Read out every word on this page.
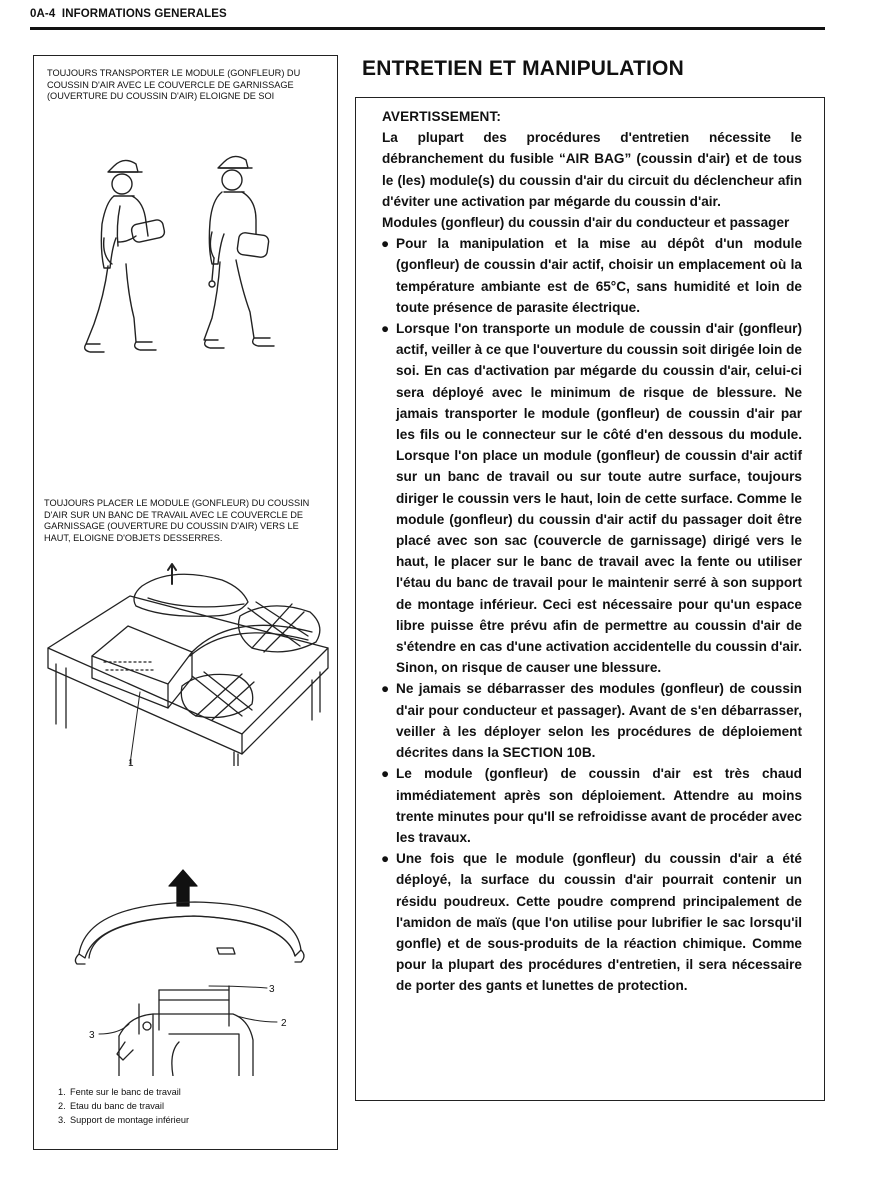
0A-4 INFORMATIONS GENERALES
TOUJOURS TRANSPORTER LE MODULE (GONFLEUR) DU COUSSIN D'AIR AVEC LE COUVERCLE DE GARNISSAGE (OUVERTURE DU COUSSIN D'AIR) ELOIGNE DE SOI
TOUJOURS PLACER LE MODULE (GONFLEUR) DU COUSSIN D'AIR SUR UN BANC DE TRAVAIL AVEC LE COUVERCLE DE GARNISSAGE (OUVERTURE DU COUSSIN D'AIR) VERS LE HAUT, ELOIGNE D'OBJETS DESSERRES.
1
3
2
3
1. Fente sur le banc de travail
2. Etau du banc de travail
3. Support de montage inférieur
ENTRETIEN ET MANIPULATION

AVERTISSEMENT:

La plupart des procédures d'entretien nécessite le débranchement du fusible “AIR BAG” (coussin d'air) et de tous le (les) module(s) du coussin d'air du circuit du déclencheur afin d'éviter une activation par mégarde du coussin d'air.

Modules (gonfleur) du coussin d'air du conducteur et passager

● Pour la manipulation et la mise au dépôt d'un module (gonfleur) de coussin d'air actif, choisir un emplacement où la température ambiante est de 65°C, sans humidité et loin de toute présence de parasite électrique.
● Lorsque l'on transporte un module de coussin d'air (gonfleur) actif, veiller à ce que l'ouverture du coussin soit dirigée loin de soi. En cas d'activation par mégarde du coussin d'air, celui-ci sera déployé avec le minimum de risque de blessure. Ne jamais transporter le module (gonfleur) de coussin d'air par les fils ou le connecteur sur le côté d'en dessous du module. Lorsque l'on place un module (gonfleur) de coussin d'air actif sur un banc de travail ou sur toute autre surface, toujours diriger le coussin vers le haut, loin de cette surface. Comme le module (gonfleur) du coussin d'air actif du passager doit être placé avec son sac (couvercle de garnissage) dirigé vers le haut, le placer sur le banc de travail avec la fente ou utiliser l'étau du banc de travail pour le maintenir serré à son support de montage inférieur. Ceci est nécessaire pour qu'un espace libre puisse être prévu afin de permettre au coussin d'air de s'étendre en cas d'une activation accidentelle du coussin d'air. Sinon, on risque de causer une blessure.
● Ne jamais se débarrasser des modules (gonfleur) de coussin d'air pour conducteur et passager). Avant de s'en débarrasser, veiller à les déployer selon les procédures de déploiement décrites dans la SECTION 10B.
● Le module (gonfleur) de coussin d'air est très chaud immédiatement après son déploiement. Attendre au moins trente minutes pour qu'Il se refroidisse avant de procéder avec les travaux.
● Une fois que le module (gonfleur) du coussin d'air a été déployé, la surface du coussin d'air pourrait contenir un résidu poudreux. Cette poudre comprend principalement de l'amidon de maïs (que l'on utilise pour lubrifier le sac lorsqu'il gonfle) et de sous-produits de la réaction chimique. Comme pour la plupart des procédures d'entretien, il sera nécessaire de porter des gants et lunettes de protection.
